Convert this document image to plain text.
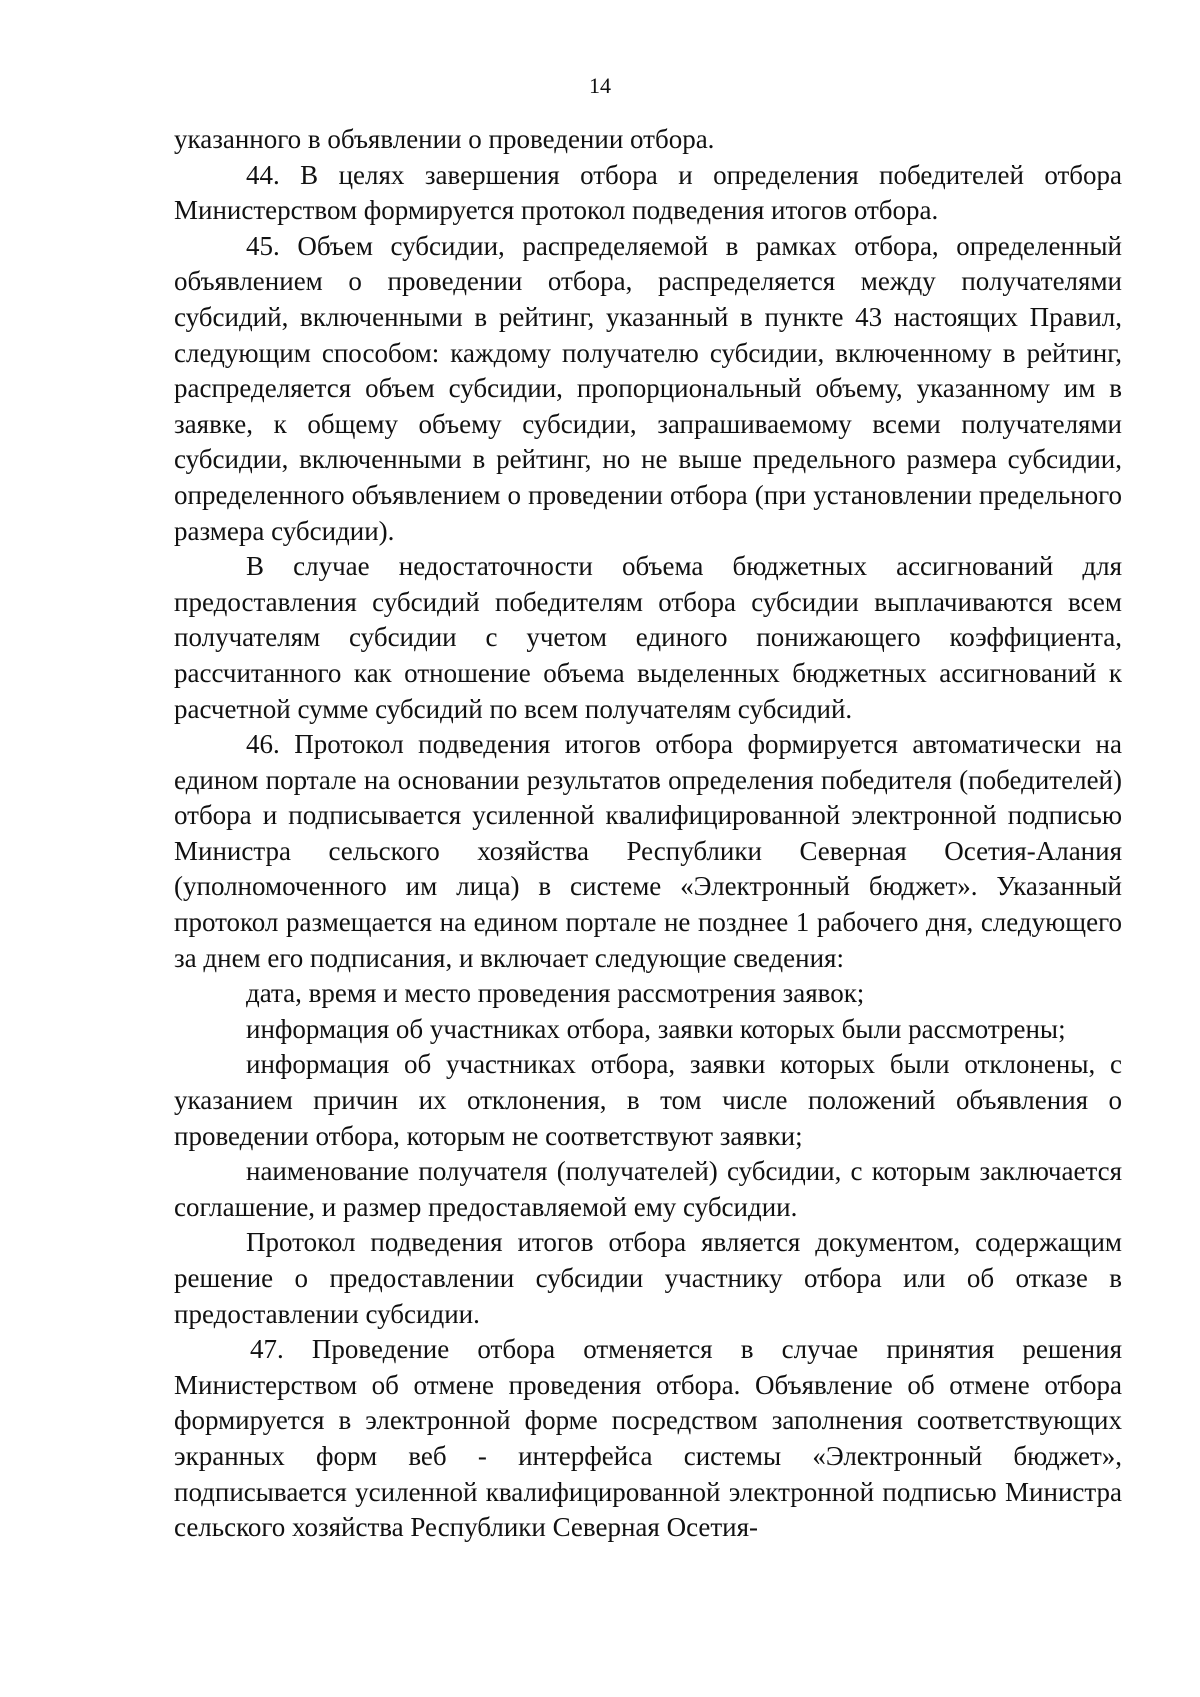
14

указанного в объявлении о проведении отбора.

44. В целях завершения отбора и определения победителей отбора Министерством формируется протокол подведения итогов отбора.

45. Объем субсидии, распределяемой в рамках отбора, определенный объявлением о проведении отбора, распределяется между получателями субсидий, включенными в рейтинг, указанный в пункте 43 настоящих Правил, следующим способом: каждому получателю субсидии, включенному в рейтинг, распределяется объем субсидии, пропорциональный объему, указанному им в заявке, к общему объему субсидии, запрашиваемому всеми получателями субсидии, включенными в рейтинг, но не выше предельного размера субсидии, определенного объявлением о проведении отбора (при установлении предельного размера субсидии).

В случае недостаточности объема бюджетных ассигнований для предоставления субсидий победителям отбора субсидии выплачиваются всем получателям субсидии с учетом единого понижающего коэффициента, рассчитанного как отношение объема выделенных бюджетных ассигнований к расчетной сумме субсидий по всем получателям субсидий.

46. Протокол подведения итогов отбора формируется автоматически на едином портале на основании результатов определения победителя (победителей) отбора и подписывается усиленной квалифицированной электронной подписью Министра сельского хозяйства Республики Северная Осетия-Алания (уполномоченного им лица) в системе «Электронный бюджет». Указанный протокол размещается на едином портале не позднее 1 рабочего дня, следующего за днем его подписания, и включает следующие сведения:

дата, время и место проведения рассмотрения заявок;

информация об участниках отбора, заявки которых были рассмотрены;

информация об участниках отбора, заявки которых были отклонены, с указанием причин их отклонения, в том числе положений объявления о проведении отбора, которым не соответствуют заявки;

наименование получателя (получателей) субсидии, с которым заключается соглашение, и размер предоставляемой ему субсидии.

Протокол подведения итогов отбора является документом, содержащим решение о предоставлении субсидии участнику отбора или об отказе в предоставлении субсидии.

47. Проведение отбора отменяется в случае принятия решения Министерством об отмене проведения отбора. Объявление об отмене отбора формируется в электронной форме посредством заполнения соответствующих экранных форм веб - интерфейса системы «Электронный бюджет», подписывается усиленной квалифицированной электронной подписью Министра сельского хозяйства Республики Северная Осетия-
